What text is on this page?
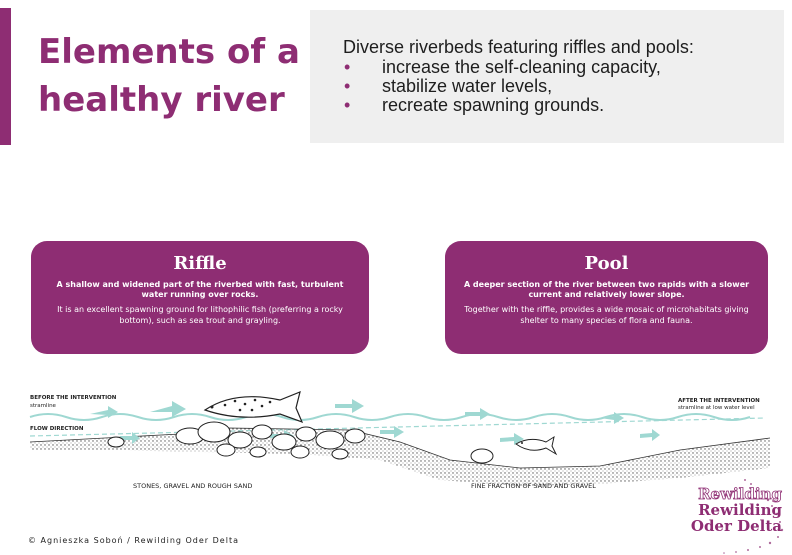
Elements of a
healthy river
Diverse riverbeds featuring riffles and pools:
• increase the self-cleaning capacity,
• stabilize water levels,
• recreate spawning grounds.
Riffle
A shallow and widened part of the riverbed with fast, turbulent water running over rocks.
It is an excellent spawning ground for lithophilic fish (preferring a rocky bottom), such as sea trout and grayling.
Pool
A deeper section of the river between two rapids with a slower current and relatively lower slope.
Together with the riffle, provides a wide mosaic of microhabitats giving shelter to many species of flora and fauna.
BEFORE THE INTERVENTION
stramline
FLOW DIRECTION
AFTER THE INTERVENTION
stramline at low water level
STONES, GRAVEL AND ROUGH SAND	FINE FRACTION OF SAND AND GRAVEL
© Agnieszka Soboń / Rewilding Oder Delta
Rewilding
Rewilding
Oder Delta
